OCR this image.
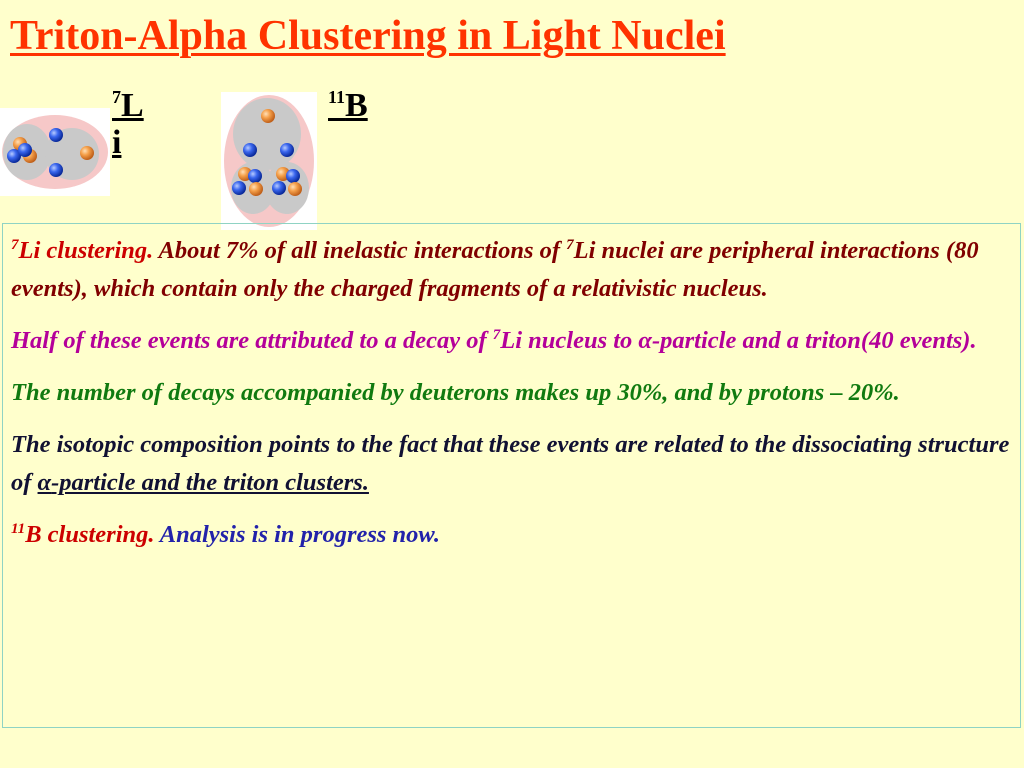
Triton-Alpha Clustering in Light Nuclei
$^7$L
i
$^{11}$B

$^7$Li clustering. About 7% of all inelastic interactions of $^7$Li nuclei are peripheral interactions (80 events), which contain only the charged fragments of a relativistic nucleus.

Half of these events are attributed to a decay of $^7$Li nucleus to α-particle and a triton(40 events).

The number of decays accompanied by deuterons makes up 30%, and by protons – 20%.

The isotopic composition points to the fact that these events are related to the dissociating structure of α-particle and the triton clusters.

$^{11}$B clustering. Analysis is in progress now.
